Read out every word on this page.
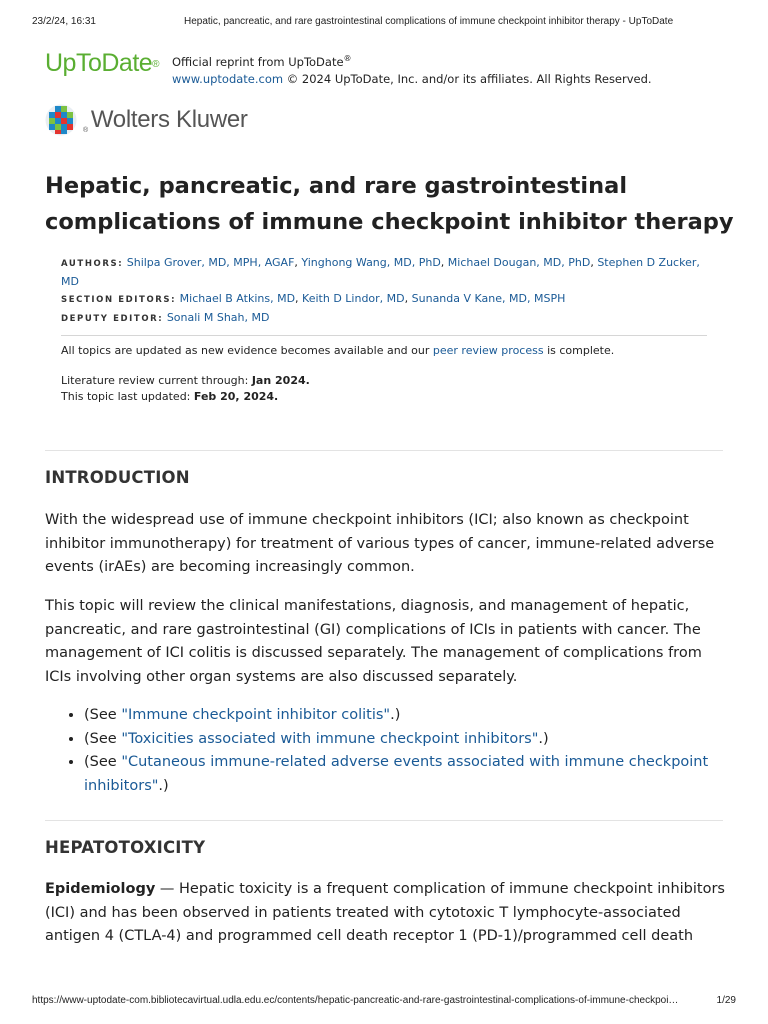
23/2/24, 16:31	Hepatic, pancreatic, and rare gastrointestinal complications of immune checkpoint inhibitor therapy - UpToDate
UpToDate® Official reprint from UpToDate®
www.uptodate.com © 2024 UpToDate, Inc. and/or its affiliates. All Rights Reserved.
® Wolters Kluwer
Hepatic, pancreatic, and rare gastrointestinal complications of immune checkpoint inhibitor therapy
AUTHORS: Shilpa Grover, MD, MPH, AGAF, Yinghong Wang, MD, PhD, Michael Dougan, MD, PhD, Stephen D Zucker, MD
SECTION EDITORS: Michael B Atkins, MD, Keith D Lindor, MD, Sunanda V Kane, MD, MSPH
DEPUTY EDITOR: Sonali M Shah, MD
All topics are updated as new evidence becomes available and our peer review process is complete.
Literature review current through: Jan 2024.
This topic last updated: Feb 20, 2024.
INTRODUCTION

With the widespread use of immune checkpoint inhibitors (ICI; also known as checkpoint inhibitor immunotherapy) for treatment of various types of cancer, immune-related adverse events (irAEs) are becoming increasingly common.

This topic will review the clinical manifestations, diagnosis, and management of hepatic, pancreatic, and rare gastrointestinal (GI) complications of ICIs in patients with cancer. The management of ICI colitis is discussed separately. The management of complications from ICIs involving other organ systems are also discussed separately.

• (See "Immune checkpoint inhibitor colitis".)
• (See "Toxicities associated with immune checkpoint inhibitors".)
• (See "Cutaneous immune-related adverse events associated with immune checkpoint inhibitors".)
HEPATOTOXICITY

Epidemiology — Hepatic toxicity is a frequent complication of immune checkpoint inhibitors (ICI) and has been observed in patients treated with cytotoxic T lymphocyte-associated antigen 4 (CTLA-4) and programmed cell death receptor 1 (PD-1)/programmed cell death

https://www-uptodate-com.bibliotecavirtual.udla.edu.ec/contents/hepatic-pancreatic-and-rare-gastrointestinal-complications-of-immune-checkpoi…	1/29
